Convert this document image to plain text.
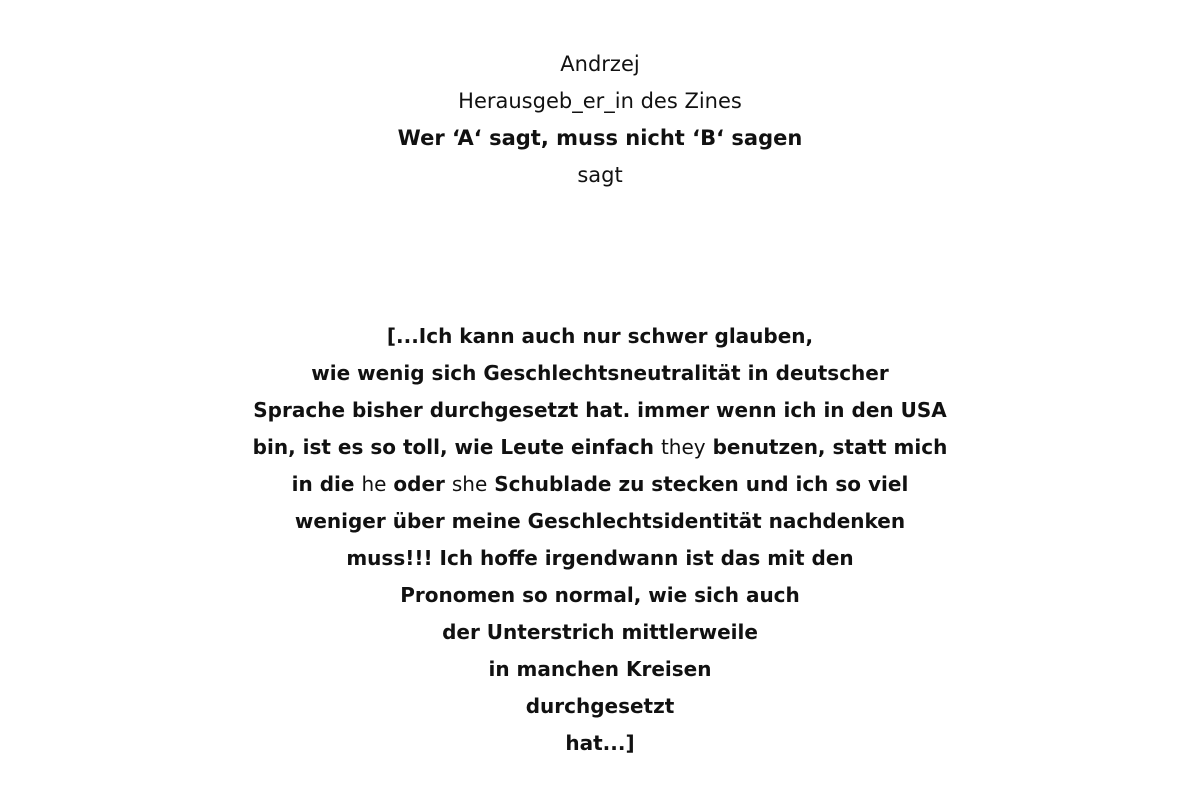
Andrzej
Herausgeb_er_in des Zines
Wer ‘A‘ sagt, muss nicht ‘B‘ sagen
sagt
[...Ich kann auch nur schwer glauben,
wie wenig sich Geschlechtsneutralität in deutscher
Sprache bisher durchgesetzt hat. immer wenn ich in den USA
bin, ist es so toll, wie Leute einfach they benutzen, statt mich
in die he oder she Schublade zu stecken und ich so viel
weniger über meine Geschlechtsidentität nachdenken
muss!!! Ich hoffe irgendwann ist das mit den
Pronomen so normal, wie sich auch
der Unterstrich mittlerweile
in manchen Kreisen
durchgesetzt
hat...]
